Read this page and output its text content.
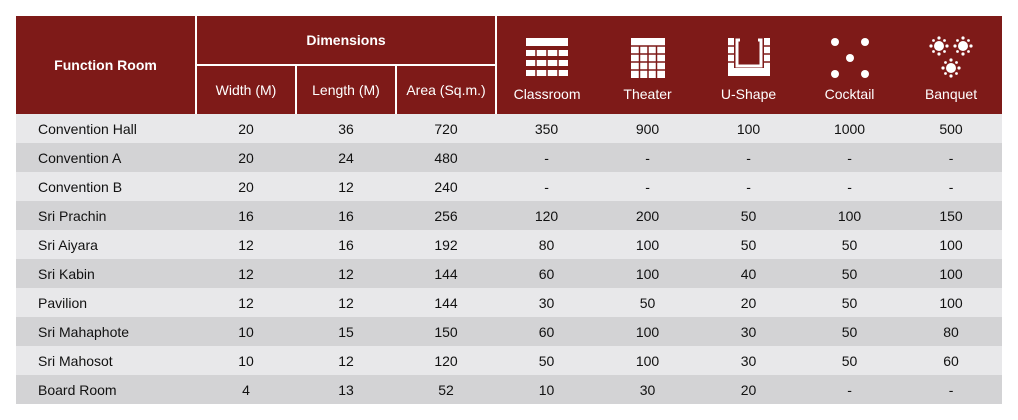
Function Room	Dimensions			Classroom	Theater	U-Shape	Cocktail	Banquet
	Width (M)	Length (M)	Area (Sq.m.)					
Convention Hall	20	36	720	350	900	100	1000	500
Convention A	20	24	480	-	-	-	-	-
Convention B	20	12	240	-	-	-	-	-
Sri Prachin	16	16	256	120	200	50	100	150
Sri Aiyara	12	16	192	80	100	50	50	100
Sri Kabin	12	12	144	60	100	40	50	100
Pavilion	12	12	144	30	50	20	50	100
Sri Mahaphote	10	15	150	60	100	30	50	80
Sri Mahosot	10	12	120	50	100	30	50	60
Board Room	4	13	52	10	30	20	-	-
